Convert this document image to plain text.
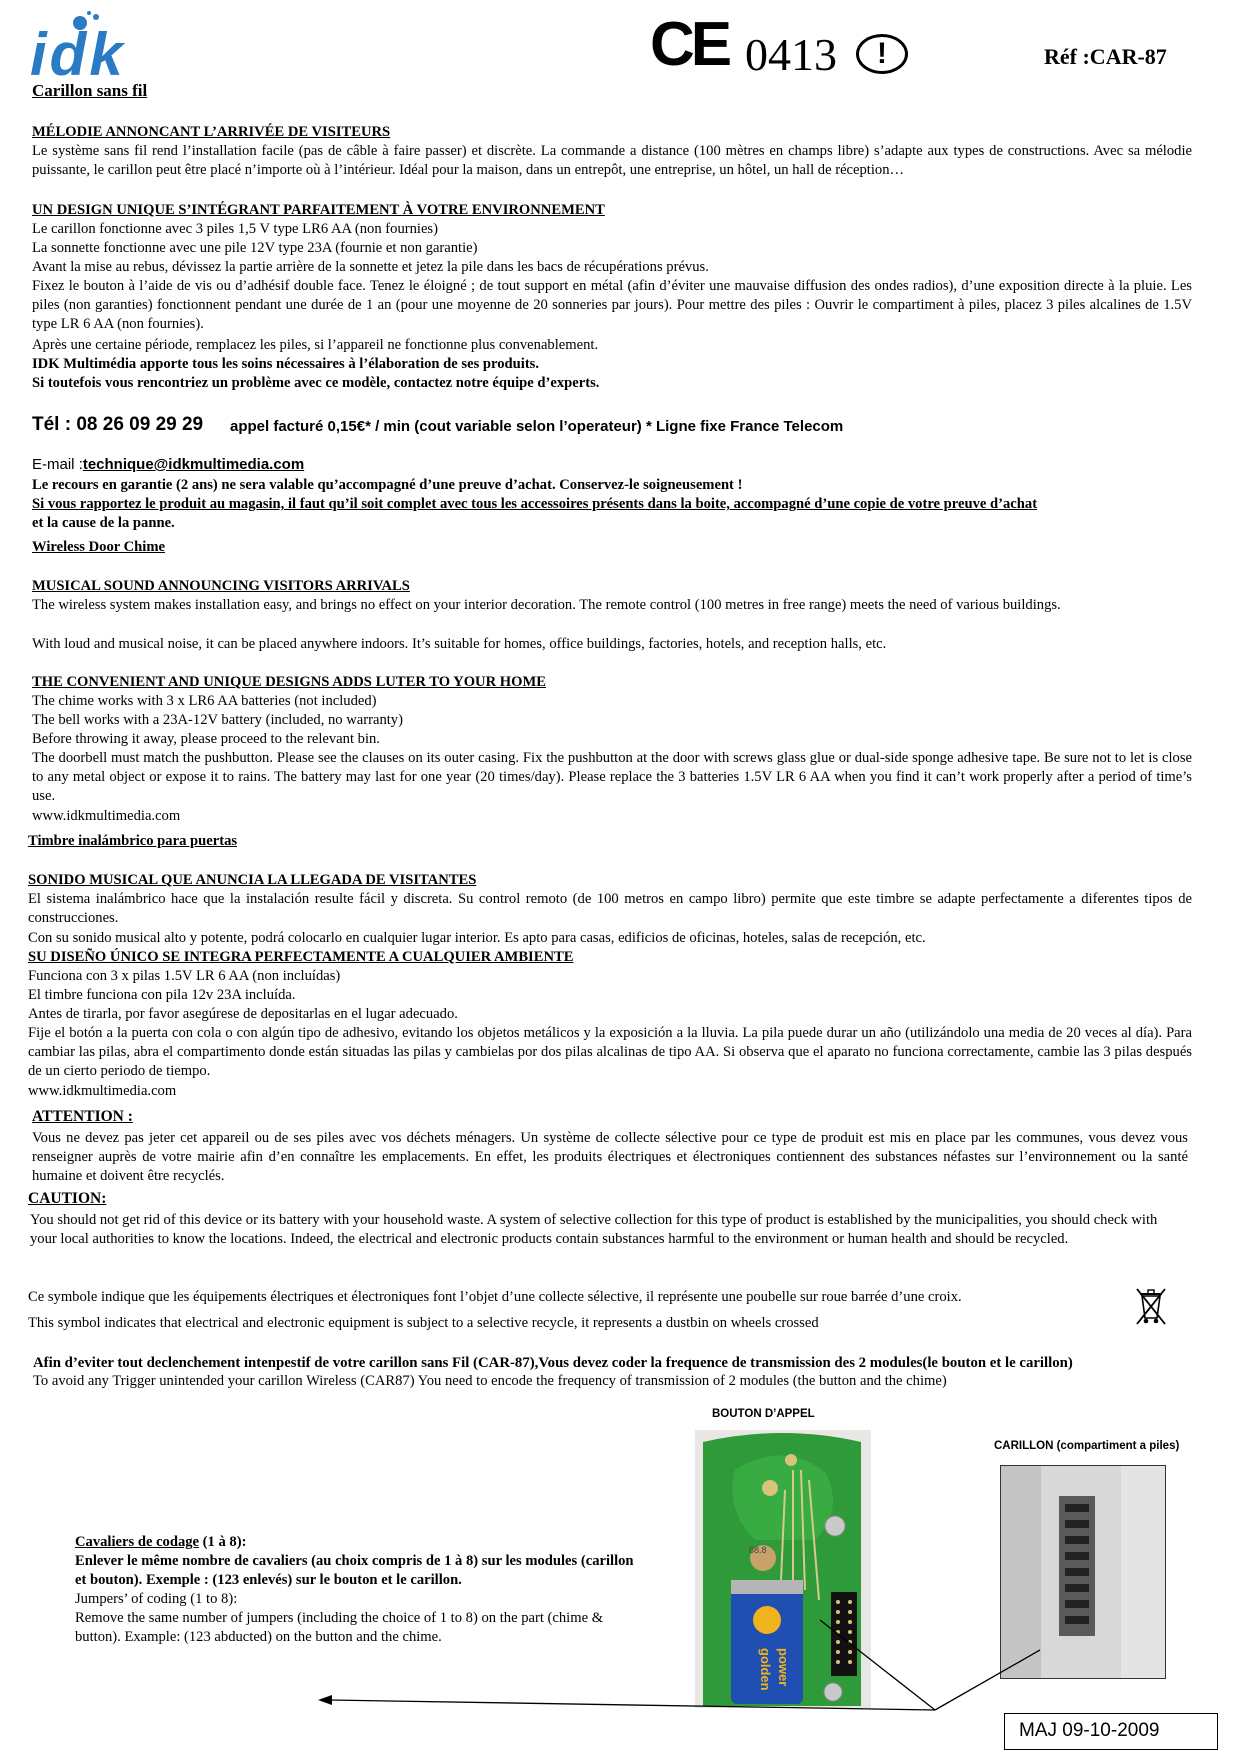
idk	CE 0413	!	Réf :CAR-87
Carillon sans fil
MÉLODIE ANNONCANT L’ARRIVÉE DE VISITEURS
Le système sans fil rend l’installation facile (pas de câble à faire passer) et discrète. La commande a distance (100 mètres en champs libre) s’adapte aux types de constructions. Avec sa mélodie puissante, le carillon peut être placé n’importe où à l’intérieur. Idéal pour la maison, dans un entrepôt, une entreprise, un hôtel, un hall de réception…
UN DESIGN UNIQUE S’INTÉGRANT PARFAITEMENT À VOTRE ENVIRONNEMENT
Le carillon fonctionne avec 3 piles 1,5 V type LR6 AA (non fournies)
La sonnette fonctionne avec une pile 12V type 23A (fournie et non garantie)
Avant la mise au rebus, dévissez la partie arrière de la sonnette et jetez la pile dans les bacs de récupérations prévus.
Fixez le bouton à l’aide de vis ou d’adhésif double face. Tenez le éloigné ; de tout support en métal (afin d’éviter une mauvaise diffusion des ondes radios), d’une exposition directe à la pluie. Les piles (non garanties) fonctionnent pendant une durée de 1 an (pour une moyenne de 20 sonneries par jours). Pour mettre des piles : Ouvrir le compartiment à piles, placez 3 piles alcalines de 1.5V type LR 6 AA (non fournies).
Après une certaine période, remplacez les piles, si l’appareil ne fonctionne plus convenablement.
IDK Multimédia apporte tous les soins nécessaires à l’élaboration de ses produits.
Si toutefois vous rencontriez un problème avec ce modèle, contactez notre équipe d’experts.
Tél : 08 26 09 29 29 appel facturé 0,15€* / min (cout variable selon l’operateur) * Ligne fixe France Telecom
E-mail :technique@idkmultimedia.com
Le recours en garantie (2 ans) ne sera valable qu’accompagné d’une preuve d’achat. Conservez-le soigneusement !
Si vous rapportez le produit au magasin, il faut qu’il soit complet avec tous les accessoires présents dans la boite, accompagné d’une copie de votre preuve d’achat
et la cause de la panne.
Wireless Door Chime
MUSICAL SOUND ANNOUNCING VISITORS ARRIVALS
The wireless system makes installation easy, and brings no effect on your interior decoration. The remote control (100 metres in free range) meets the need of various buildings.
With loud and musical noise, it can be placed anywhere indoors. It’s suitable for homes, office buildings, factories, hotels, and reception halls, etc.
THE CONVENIENT AND UNIQUE DESIGNS ADDS LUTER TO YOUR HOME
The chime works with 3 x LR6 AA batteries (not included)
The bell works with a 23A-12V battery (included, no warranty)
Before throwing it away, please proceed to the relevant bin.
The doorbell must match the pushbutton. Please see the clauses on its outer casing. Fix the pushbutton at the door with screws glass glue or dual-side sponge adhesive tape. Be sure not to let is close to any metal object or expose it to rains. The battery may last for one year (20 times/day). Please replace the 3 batteries 1.5V LR 6 AA when you find it can’t work properly after a period of time’s use.
www.idkmultimedia.com
Timbre inalámbrico para puertas
SONIDO MUSICAL QUE ANUNCIA LA LLEGADA DE VISITANTES
El sistema inalámbrico hace que la instalación resulte fácil y discreta. Su control remoto (de 100 metros en campo libro) permite que este timbre se adapte perfectamente a diferentes tipos de construcciones.
Con su sonido musical alto y potente, podrá colocarlo en cualquier lugar interior. Es apto para casas, edificios de oficinas, hoteles, salas de recepción, etc.
SU DISEÑO ÚNICO SE INTEGRA PERFECTAMENTE A CUALQUIER AMBIENTE
Funciona con 3 x pilas 1.5V LR 6 AA (non incluídas)
El timbre funciona con pila 12v 23A incluída.
Antes de tirarla, por favor asegúrese de depositarlas en el lugar adecuado.
Fije el botón a la puerta con cola o con algún tipo de adhesivo, evitando los objetos metálicos y la exposición a la lluvia. La pila puede durar un año (utilizándolo una media de 20 veces al día). Para cambiar las pilas, abra el compartimento donde están situadas las pilas y cambielas por dos pilas alcalinas de tipo AA. Si observa que el aparato no funciona correctamente, cambie las 3 pilas después de un cierto periodo de tiempo.
www.idkmultimedia.com
ATTENTION :
Vous ne devez pas jeter cet appareil ou de ses piles avec vos déchets ménagers. Un système de collecte sélective pour ce type de produit est mis en place par les communes, vous devez vous renseigner auprès de votre mairie afin d’en connaître les emplacements. En effet, les produits électriques et électroniques contiennent des substances néfastes sur l’environnement ou la santé humaine et doivent être recyclés.
CAUTION:
You should not get rid of this device or its battery with your household waste. A system of selective collection for this type of product is established by the municipalities, you should check with your local authorities to know the locations. Indeed, the electrical and electronic products contain substances harmful to the environment or human health and should be recycled.
Ce symbole indique que les équipements électriques et électroniques font l’objet d’une collecte sélective, il représente une poubelle sur roue barrée d’une croix.
This symbol indicates that electrical and electronic equipment is subject to a selective recycle, it represents a dustbin on wheels crossed
Afin d’eviter tout declenchement intenpestif de votre carillon sans Fil (CAR-87),Vous devez coder la frequence de transmission des 2 modules(le bouton et le carillon)
To avoid any Trigger unintended your carillon Wireless (CAR87) You need to encode the frequency of transmission of 2 modules (the button and the chime)
BOUTON D’APPEL
CARILLON (compartiment a piles)
68.8
golden power
Cavaliers de codage (1 à 8):
Enlever le même nombre de cavaliers (au choix compris de 1 à 8) sur les modules (carillon et bouton). Exemple : (123 enlevés) sur le bouton et le carillon.
Jumpers’ of coding (1 to 8):
Remove the same number of jumpers (including the choice of 1 to 8) on the part (chime & button). Example: (123 abducted) on the button and the chime.
MAJ 09-10-2009
